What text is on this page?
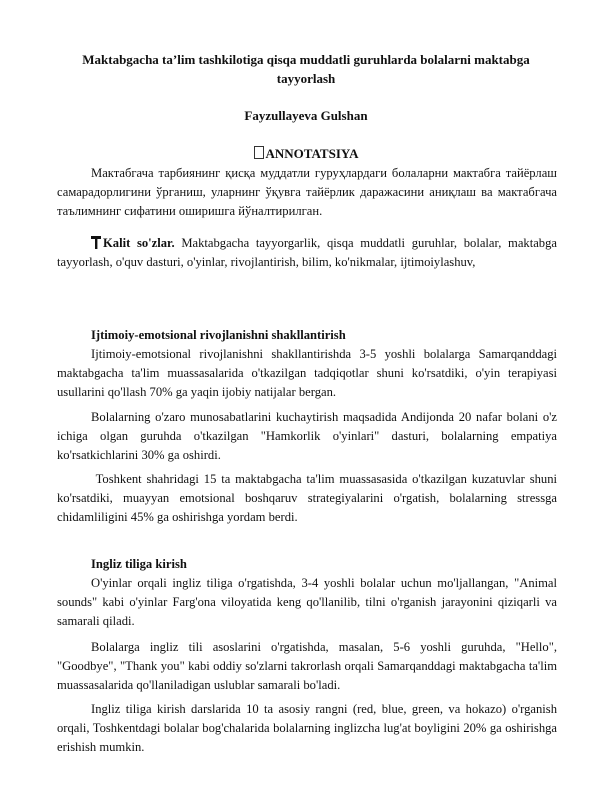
Maktabgacha ta’lim tashkilotiga qisqa muddatli guruhlarda bolalarni maktabga tayyorlash
Fayzullayeva Gulshan
ANNOTATSIYA

Мактабгача тарбиянинг қисқа муддатли гуруҳлардаги болаларни мактабга тайёрлаш самарадорлигини ўрганиш, уларнинг ўқувга тайёрлик даражасини аниқлаш ва мактабгача таълимнинг сифатини оширишга йўналтирилган.

Kalit so'zlar. Maktabgacha tayyorgarlik, qisqa muddatli guruhlar, bolalar, maktabga tayyorlash, o'quv dasturi, o'yinlar, rivojlantirish, bilim, ko'nikmalar, ijtimoiylashuv,

Ijtimoiy-emotsional rivojlanishni shakllantirish

Ijtimoiy-emotsional rivojlanishni shakllantirishda 3-5 yoshli bolalarga Samarqanddagi maktabgacha ta'lim muassasalarida o'tkazilgan tadqiqotlar shuni ko'rsatdiki, o'yin terapiyasi usullarini qo'llash 70% ga yaqin ijobiy natijalar bergan.

Bolalarning o'zaro munosabatlarini kuchaytirish maqsadida Andijonda 20 nafar bolani o'z ichiga olgan guruhda o'tkazilgan "Hamkorlik o'yinlari" dasturi, bolalarning empatiya ko'rsatkichlarini 30% ga oshirdi.

Toshkent shahridagi 15 ta maktabgacha ta'lim muassasasida o'tkazilgan kuzatuvlar shuni ko'rsatdiki, muayyan emotsional boshqaruv strategiyalarini o'rgatish, bolalarning stressga chidamliligini 45% ga oshirishga yordam berdi.

Ingliz tiliga kirish

O'yinlar orqali ingliz tiliga o'rgatishda, 3-4 yoshli bolalar uchun mo'ljallangan, "Animal sounds" kabi o'yinlar Farg'ona viloyatida keng qo'llanilib, tilni o'rganish jarayonini qiziqarli va samarali qiladi.

Bolalarga ingliz tili asoslarini o'rgatishda, masalan, 5-6 yoshli guruhda, "Hello", "Goodbye", "Thank you" kabi oddiy so'zlarni takrorlash orqali Samarqanddagi maktabgacha ta'lim muassasalarida qo'llaniladigan uslublar samarali bo'ladi.

Ingliz tiliga kirish darslarida 10 ta asosiy rangni (red, blue, green, va hokazo) o'rganish orqali, Toshkentdagi bolalar bog'chalarida bolalarning inglizcha lug'at boyligini 20% ga oshirishga erishish mumkin.
